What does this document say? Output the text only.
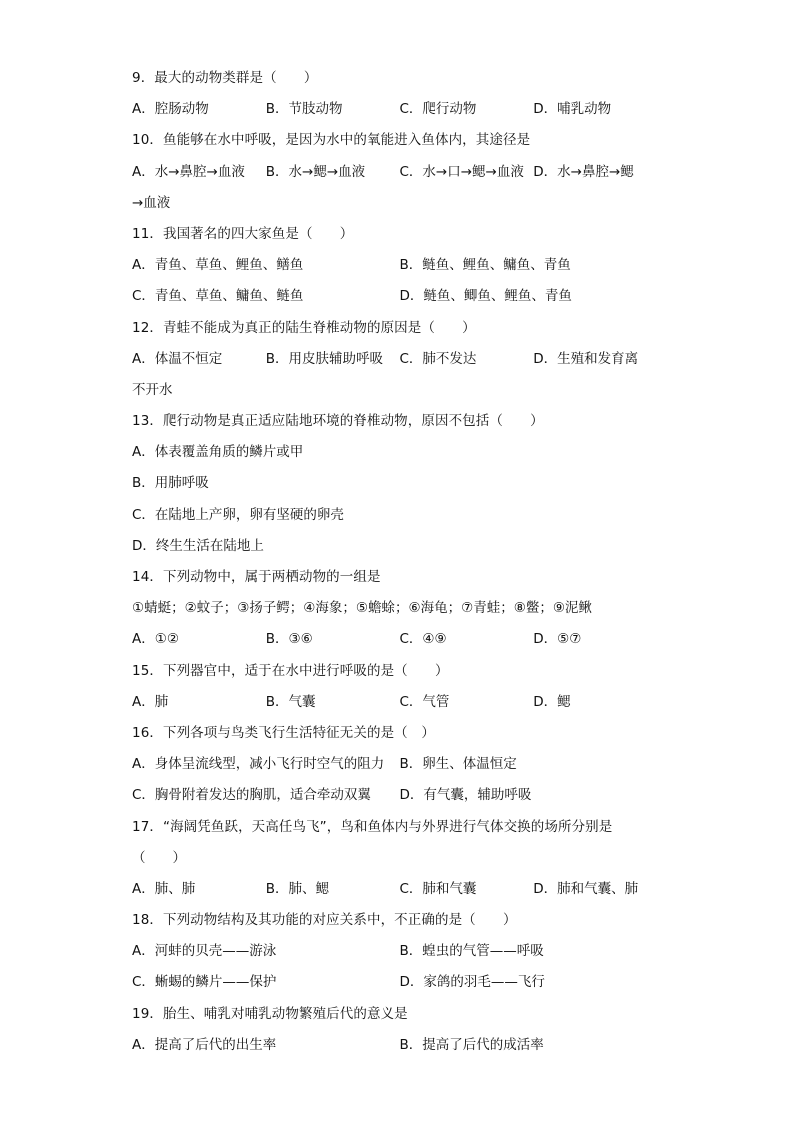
9．最大的动物类群是（　　）
A．腔肠动物	B．节肢动物	C．爬行动物	D．哺乳动物
10．鱼能够在水中呼吸，是因为水中的氧能进入鱼体内，其途径是
A．水→鼻腔→血液	B．水→鳃→血液	C．水→口→鳃→血液 D．水→鼻腔→鳃
→血液
11．我国著名的四大家鱼是（　　）
A．青鱼、草鱼、鲤鱼、鳝鱼	B．鲢鱼、鲤鱼、鳙鱼、青鱼
C．青鱼、草鱼、鳙鱼、鲢鱼	D．鲢鱼、鲫鱼、鲤鱼、青鱼
12．青蛙不能成为真正的陆生脊椎动物的原因是（　　）
A．体温不恒定	B．用皮肤辅助呼吸	C．肺不发达	D．生殖和发育离
不开水
13．爬行动物是真正适应陆地环境的脊椎动物，原因不包括（　　）
A．体表覆盖角质的鳞片或甲
B．用肺呼吸
C．在陆地上产卵，卵有坚硬的卵壳
D．终生生活在陆地上
14．下列动物中，属于两栖动物的一组是
①蜻蜓；②蚊子；③扬子鳄；④海象；⑤蟾蜍；⑥海龟；⑦青蛙；⑧鳖；⑨泥鳅
A．①②	B．③⑥	C．④⑨	D．⑤⑦
15．下列器官中，适于在水中进行呼吸的是（　　）
A．肺	B．气囊	C．气管	D．鳃
16．下列各项与鸟类飞行生活特征无关的是（　）
A．身体呈流线型，减小飞行时空气的阻力	B．卵生、体温恒定
C．胸骨附着发达的胸肌，适合牵动双翼	D．有气囊，辅助呼吸
17．“海阔凭鱼跃，天高任鸟飞”，鸟和鱼体内与外界进行气体交换的场所分别是
（　　）
A．肺、肺	B．肺、鳃	C．肺和气囊	D．肺和气囊、肺
18．下列动物结构及其功能的对应关系中，不正确的是（　　）
A．河蚌的贝壳——游泳	B．蝗虫的气管——呼吸
C．蜥蜴的鳞片——保护	D．家鸽的羽毛——飞行
19．胎生、哺乳对哺乳动物繁殖后代的意义是
A．提高了后代的出生率	B．提高了后代的成活率
